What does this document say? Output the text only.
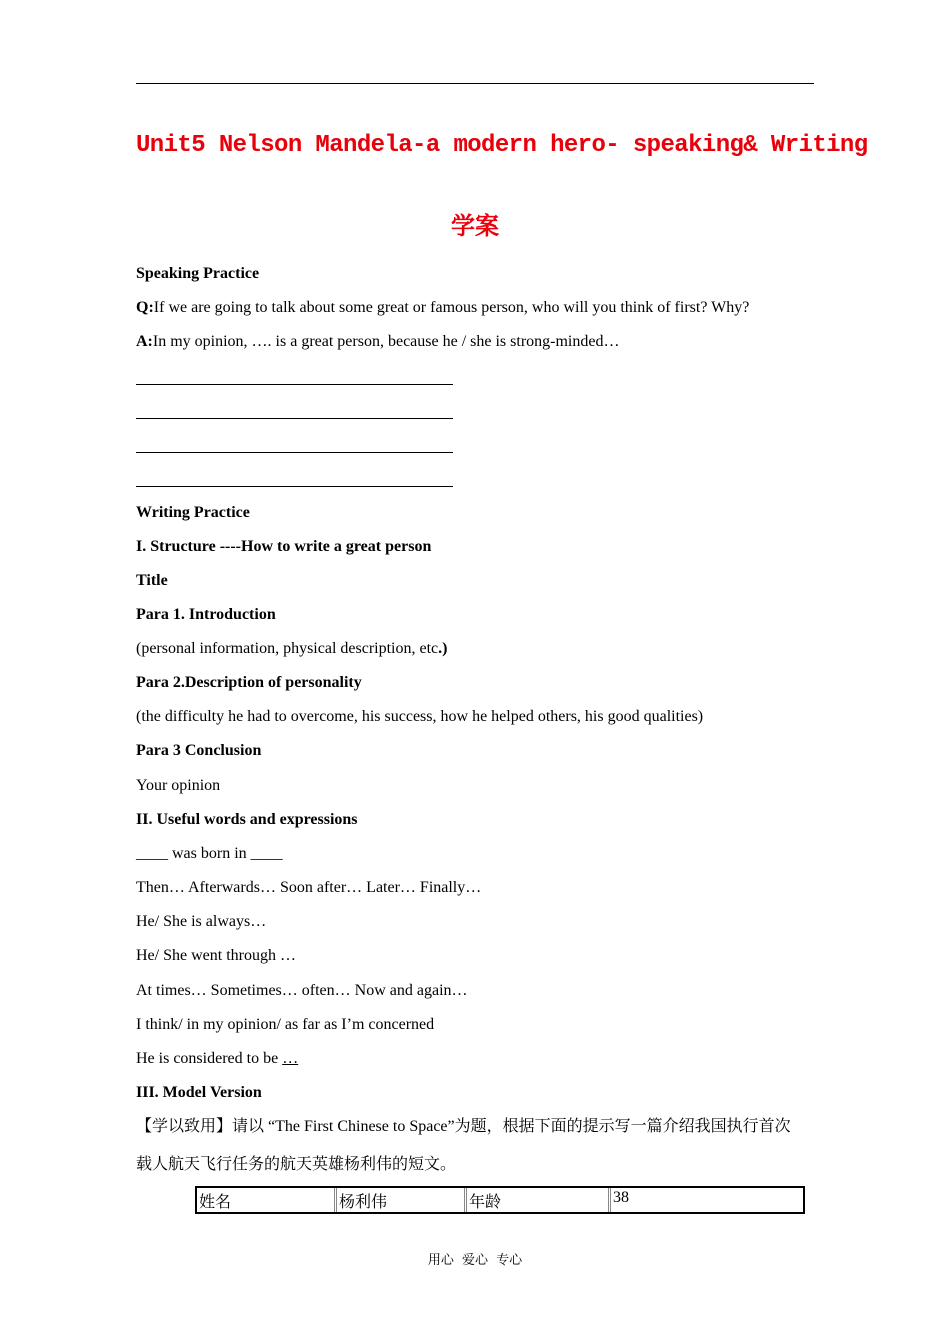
Unit5 Nelson Mandela-a modern hero- speaking& Writing
学案
Speaking Practice
Q:If we are going to talk about some great or famous person, who will you think of first? Why?
A:In my opinion, …. is a great person, because he / she is strong-minded…
Writing Practice
I. Structure ----How to write a great person
Title
Para 1. Introduction
(personal information, physical description, etc.)
Para 2.Description of personality
(the difficulty he had to overcome, his success, how he helped others, his good qualities)
Para 3 Conclusion
Your opinion
II. Useful words and expressions
____ was born in ____
Then… Afterwards… Soon after… Later… Finally…
He/ She is always…
He/ She went through …
At times… Sometimes… often… Now and again…
I think/ in my opinion/ as far as I’m concerned
He is considered to be …
III. Model Version
【学以致用】请以 “The First Chinese to Space”为题，根据下面的提示写一篇介绍我国执行首次
载人航天飞行任务的航天英雄杨利伟的短文。
姓名	杨利伟	年龄	38
用心 爱心 专心
